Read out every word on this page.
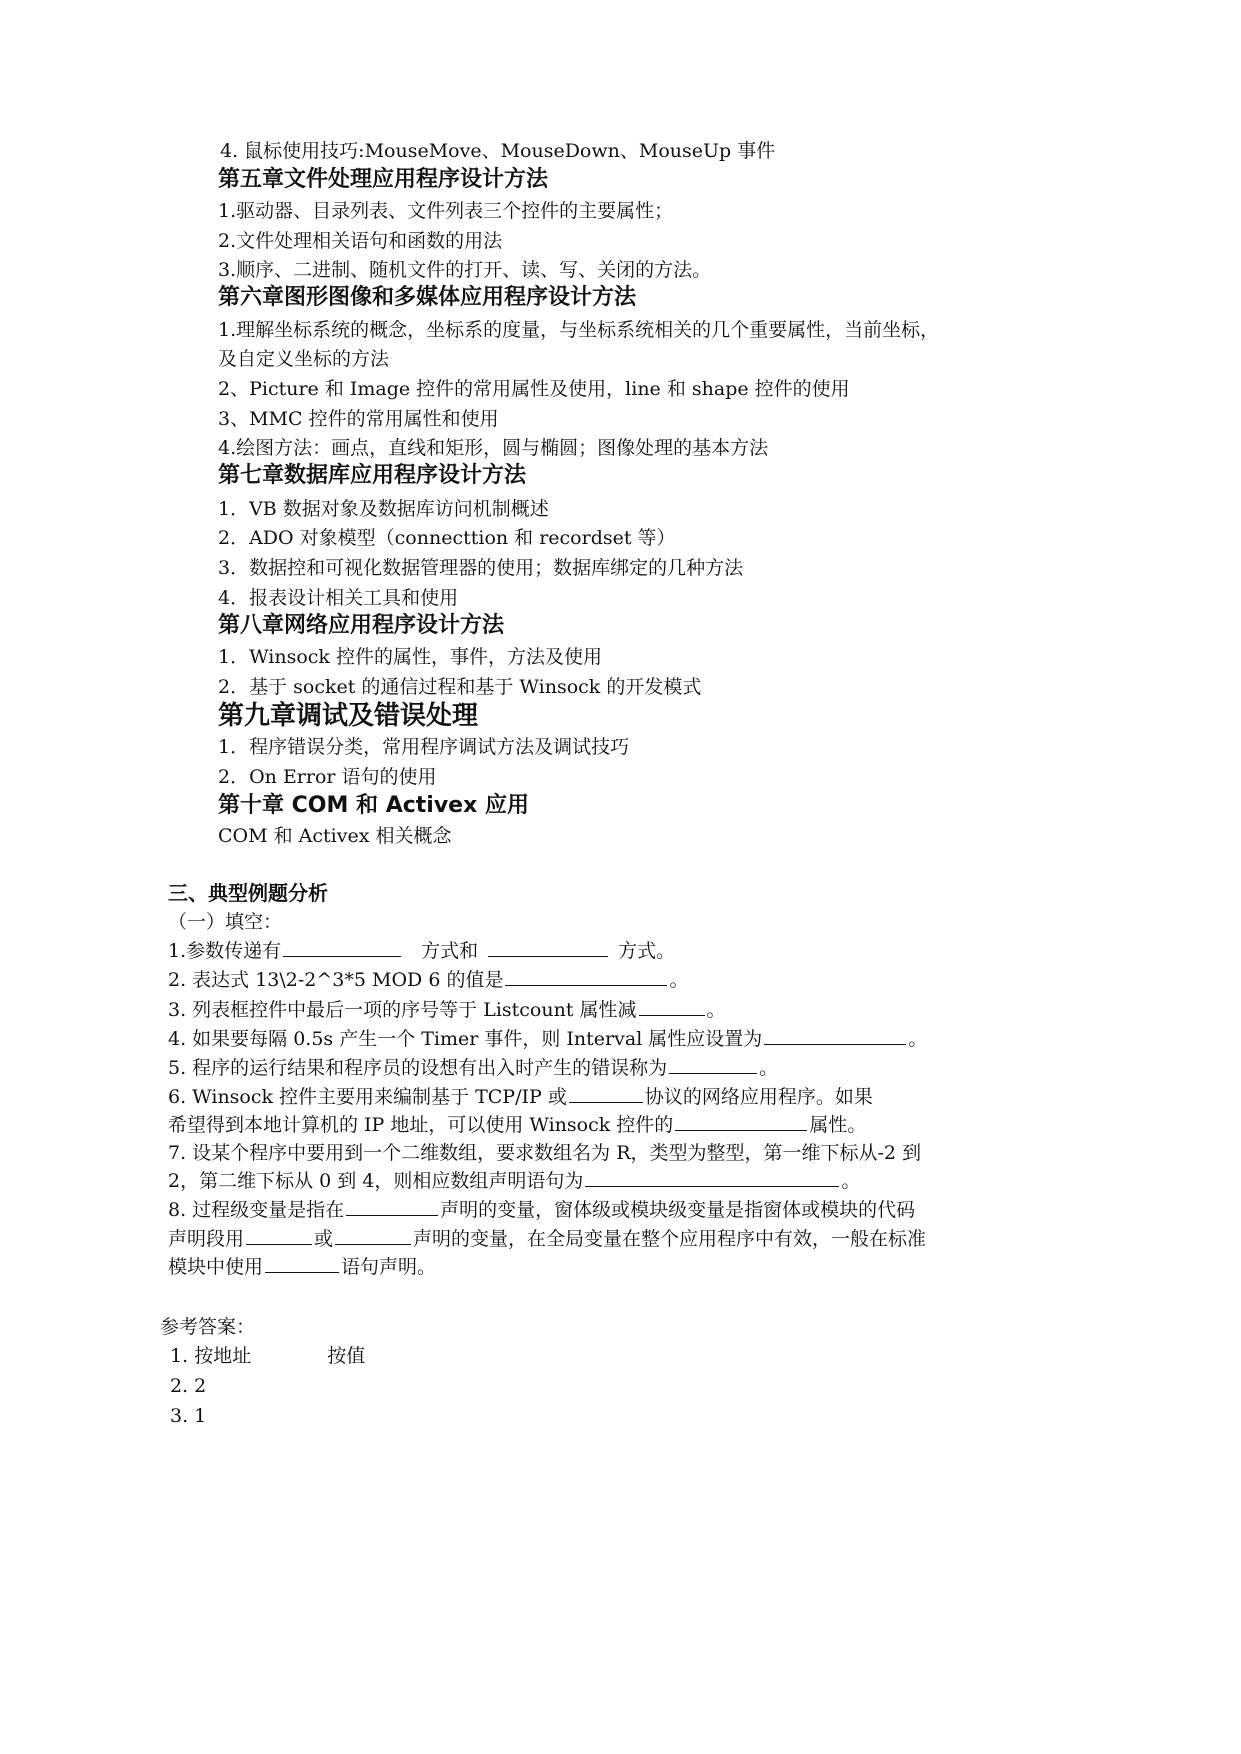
4. 鼠标使用技巧:MouseMove、MouseDown、MouseUp 事件
第五章文件处理应用程序设计方法
1.驱动器、目录列表、文件列表三个控件的主要属性；
2.文件处理相关语句和函数的用法
3.顺序、二进制、随机文件的打开、读、写、关闭的方法。
第六章图形图像和多媒体应用程序设计方法
1.理解坐标系统的概念，坐标系的度量，与坐标系统相关的几个重要属性，当前坐标，
及自定义坐标的方法
2、Picture 和 Image 控件的常用属性及使用，line 和 shape 控件的使用
3、MMC 控件的常用属性和使用
4.绘图方法：画点，直线和矩形，圆与椭圆；图像处理的基本方法
第七章数据库应用程序设计方法
1．VB 数据对象及数据库访问机制概述
2．ADO 对象模型（connecttion 和 recordset 等）
3．数据控和可视化数据管理器的使用；数据库绑定的几种方法
4．报表设计相关工具和使用
第八章网络应用程序设计方法
1．Winsock 控件的属性，事件，方法及使用
2．基于 socket 的通信过程和基于 Winsock 的开发模式
第九章调试及错误处理
1．程序错误分类，常用程序调试方法及调试技巧
2．On Error 语句的使用
第十章 COM 和 Activex 应用
COM 和 Activex 相关概念
三、典型例题分析
（一）填空：
1.参数传递有	方式和	方式。
2. 表达式 13\2-2^3*5 MOD 6 的值是	。
3. 列表框控件中最后一项的序号等于 Listcount 属性减	。
4. 如果要每隔 0.5s 产生一个 Timer 事件，则 Interval 属性应设置为	。
5. 程序的运行结果和程序员的设想有出入时产生的错误称为	。
6. Winsock 控件主要用来编制基于 TCP/IP 或	协议的网络应用程序。如果
希望得到本地计算机的 IP 地址，可以使用 Winsock 控件的	属性。
7. 设某个程序中要用到一个二维数组，要求数组名为 R，类型为整型，第一维下标从-2 到
2，第二维下标从 0 到 4，则相应数组声明语句为	。
8. 过程级变量是指在	声明的变量，窗体级或模块级变量是指窗体或模块的代码
声明段用	或	声明的变量，在全局变量在整个应用程序中有效，一般在标准
模块中使用	语句声明。
参考答案：
1. 按地址	按值
2. 2
3. 1
